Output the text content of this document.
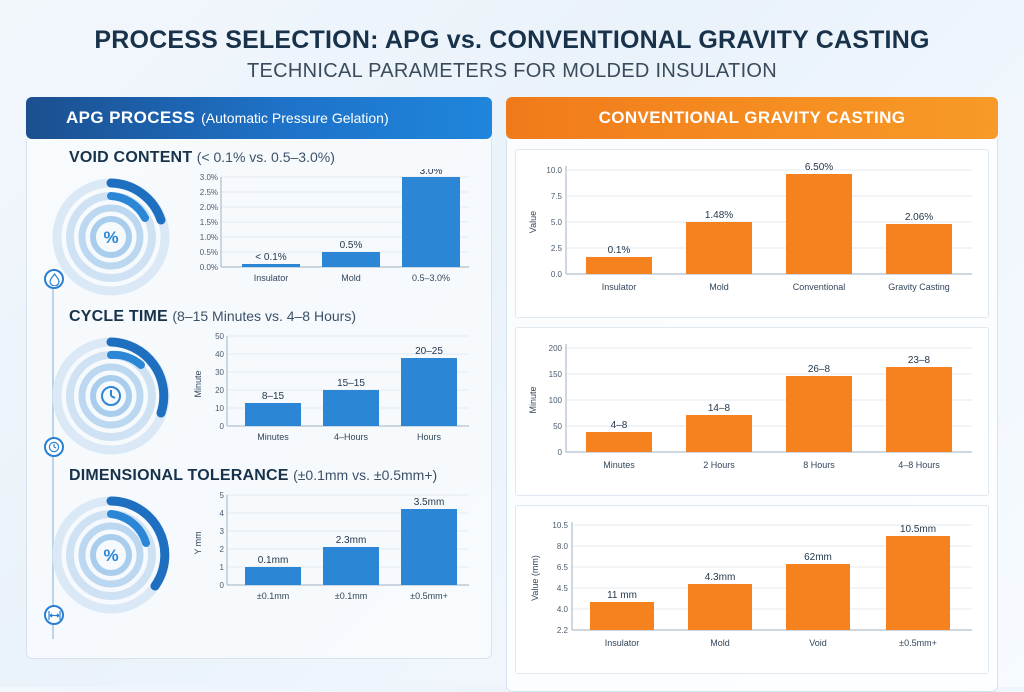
PROCESS SELECTION: APG vs. CONVENTIONAL GRAVITY CASTING
TECHNICAL PARAMETERS FOR MOLDED INSULATION
APG PROCESS (Automatic Pressure Gelation)
VOID CONTENT (< 0.1% vs. 0.5–3.0%)
%
0.0%
0.5%
1.0%
1.5%
2.0%
2.5%
3.0%
< 0.1%
0.5%
3.0%
Insulator	Mold	0.5–3.0%
CYCLE TIME (8–15 Minutes vs. 4–8 Hours)
0
10
20
30
40
50
Minute	8–15
15–15
20–25
Minutes	4–Hours	Hours
DIMENSIONAL TOLERANCE (±0.1mm vs. ±0.5mm+)
%
0
1
2
3
4
5
Y mm
0.1mm
2.3mm
3.5mm
±0.1mm	±0.1mm	±0.5mm+
CONVENTIONAL GRAVITY CASTING
0.0
2.5
5.0
7.5
10.0
Value
0.1%
1.48%
6.50%
2.06%
Insulator	Mold	Conventional	Gravity Casting
0
50
100
150
200
Minute
4–8
14–8
26–8
23–8
Minutes	2 Hours	8 Hours	4–8 Hours
2.2
4.0
4.5
6.5
8.0
10.5
Value (mm)	11 mm
4.3mm
62mm
10.5mm
Insulator	Mold	Void	±0.5mm+
